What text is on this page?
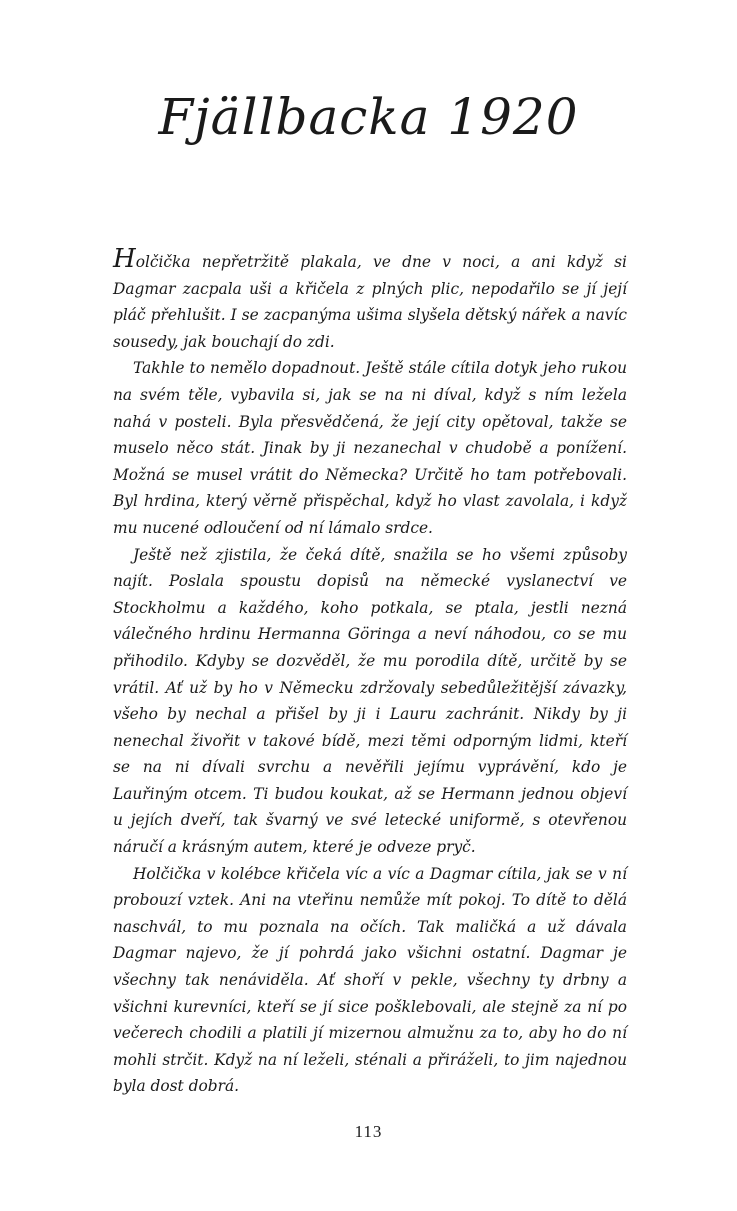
Fjällbacka 1920

Holčička nepřetržitě plakala, ve dne v noci, a ani když si Dagmar zacpala uši a křičela z plných plic, nepodařilo se jí její pláč přehlušit. I se zacpanýma ušima slyšela dětský nářek a navíc sousedy, jak bouchají do zdi.

Takhle to nemělo dopadnout. Ještě stále cítila dotyk jeho rukou na svém těle, vybavila si, jak se na ni díval, když s ním ležela nahá v posteli. Byla přesvědčená, že její city opětoval, takže se muselo něco stát. Jinak by ji nezanechal v chudobě a ponížení. Možná se musel vrátit do Německa? Určitě ho tam potřebovali. Byl hrdina, který věrně přispěchal, když ho vlast zavolala, i když mu nucené odloučení od ní lámalo srdce.

Ještě než zjistila, že čeká dítě, snažila se ho všemi způsoby najít. Poslala spoustu dopisů na německé vyslanectví ve Stockholmu a každého, koho potkala, se ptala, jestli nezná válečného hrdinu Hermanna Göringa a neví náhodou, co se mu přihodilo. Kdyby se dozvěděl, že mu porodila dítě, určitě by se vrátil. Ať už by ho v Německu zdržovaly sebedůležitější závazky, všeho by nechal a přišel by ji i Lauru zachránit. Nikdy by ji nenechal živořit v takové bídě, mezi těmi odporným lidmi, kteří se na ni dívali svrchu a nevěřili jejímu vyprávění, kdo je Lauřiným otcem. Ti budou koukat, až se Hermann jednou objeví u jejích dveří, tak švarný ve své letecké uniformě, s otevřenou náručí a krásným autem, které je odveze pryč.

Holčička v kolébce křičela víc a víc a Dagmar cítila, jak se v ní probouzí vztek. Ani na vteřinu nemůže mít pokoj. To dítě to dělá naschvál, to mu poznala na očích. Tak maličká a už dávala Dagmar najevo, že jí pohrdá jako všichni ostatní. Dagmar je všechny tak nenáviděla. Ať shoří v pekle, všechny ty drbny a všichni kurevníci, kteří se jí sice pošklebovali, ale stejně za ní po večerech chodili a platili jí mizernou almužnu za to, aby ho do ní mohli strčit. Když na ní leželi, sténali a přiráželi, to jim najednou byla dost dobrá.

113
